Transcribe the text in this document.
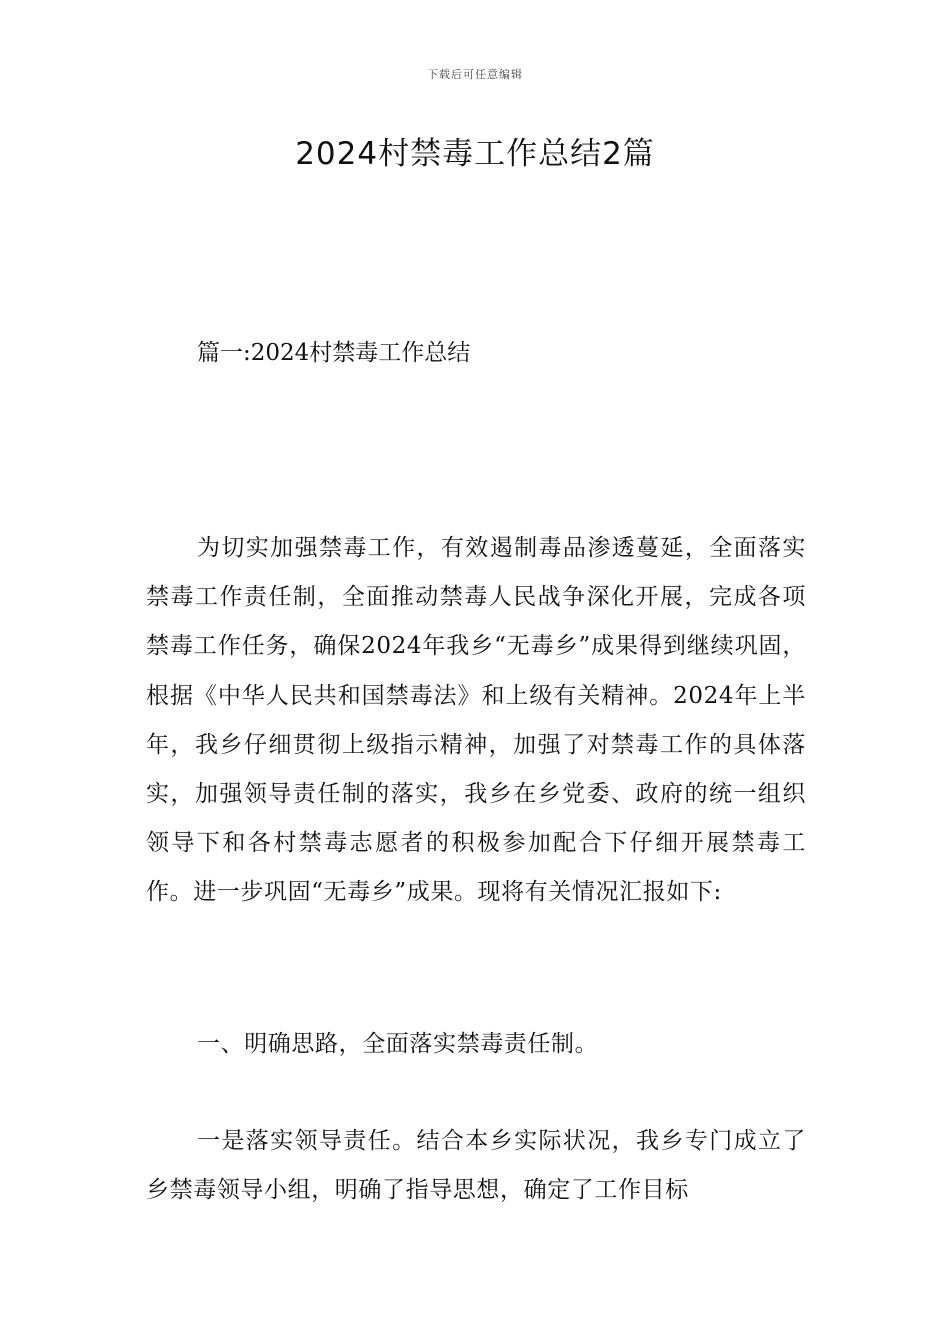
下载后可任意编辑
2024村禁毒工作总结2篇
篇一:2024村禁毒工作总结

为切实加强禁毒工作，有效遏制毒品渗透蔓延，全面落实禁毒工作责任制，全面推动禁毒人民战争深化开展，完成各项禁毒工作任务，确保2024年我乡“无毒乡”成果得到继续巩固，根据《中华人民共和国禁毒法》和上级有关精神。2024年上半年，我乡仔细贯彻上级指示精神，加强了对禁毒工作的具体落实，加强领导责任制的落实，我乡在乡党委、政府的统一组织领导下和各村禁毒志愿者的积极参加配合下仔细开展禁毒工作。进一步巩固“无毒乡”成果。现将有关情况汇报如下:

一、明确思路，全面落实禁毒责任制。

一是落实领导责任。结合本乡实际状况，我乡专门成立了乡禁毒领导小组，明确了指导思想，确定了工作目标
